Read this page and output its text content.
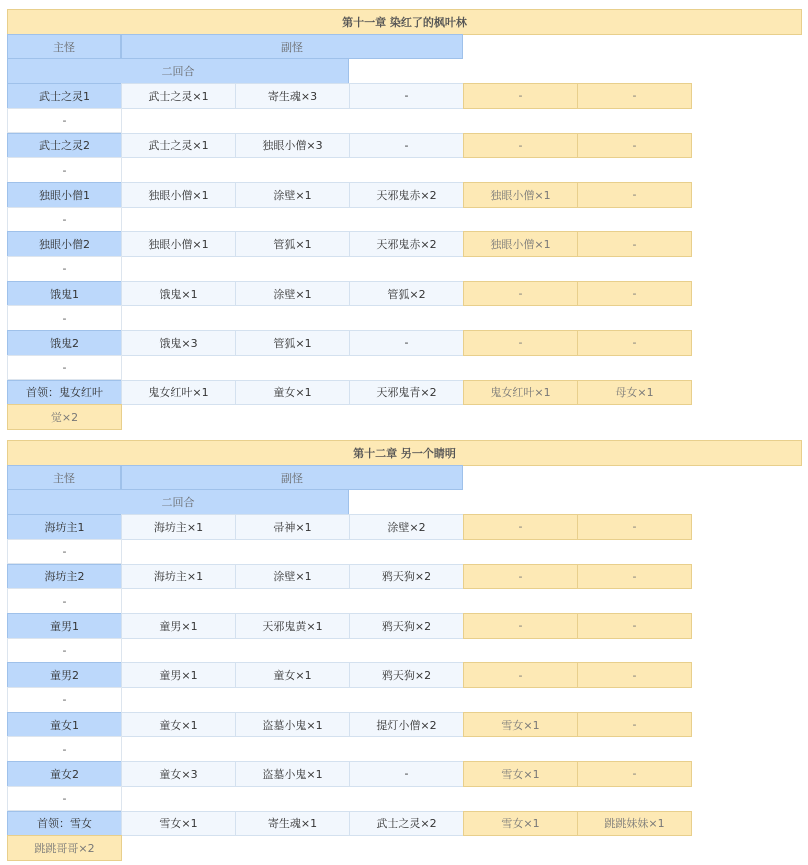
第十一章 染红了的枫叶林
主怪	副怪
二回合
武士之灵1	武士之灵×1	寄生魂×3	-	-	-
-
武士之灵2	武士之灵×1	独眼小僧×3	-	-	-
-
独眼小僧1	独眼小僧×1	涂壁×1	天邪鬼赤×2	独眼小僧×1	-
-
独眼小僧2	独眼小僧×1	管狐×1	天邪鬼赤×2	独眼小僧×1	-
-
饿鬼1	饿鬼×1	涂壁×1	管狐×2	-	-
-
饿鬼2	饿鬼×3	管狐×1	-	-	-
-
首领：鬼女红叶	鬼女红叶×1	童女×1	天邪鬼青×2	鬼女红叶×1	母女×1
觉×2
第十二章 另一个睛明
主怪	副怪
二回合
海坊主1	海坊主×1	帚神×1	涂壁×2	-	-
-
海坊主2	海坊主×1	涂壁×1	鸦天狗×2	-	-
-
童男1	童男×1	天邪鬼黄×1	鸦天狗×2	-	-
-
童男2	童男×1	童女×1	鸦天狗×2	-	-
-
童女1	童女×1	盗墓小鬼×1	提灯小僧×2	雪女×1	-
-
童女2	童女×3	盗墓小鬼×1	-	雪女×1	-
-
首领：雪女	雪女×1	寄生魂×1	武士之灵×2	雪女×1	跳跳妹妹×1
跳跳哥哥×2
